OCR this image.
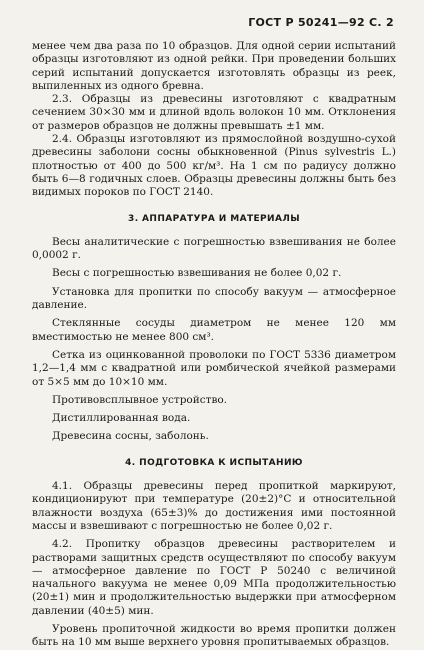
ГОСТ Р 50241—92 С. 2

менее чем два раза по 10 образцов. Для одной серии испытаний образцы изготовляют из одной рейки. При проведении больших серий испытаний допускается изготовлять образцы из реек, выпиленных из одного бревна.

2.3. Образцы из древесины изготовляют с квадратным сечением 30×30 мм и длиной вдоль волокон 10 мм. Отклонения от размеров образцов не должны превышать ±1 мм.

2.4. Образцы изготовляют из прямослойной воздушно-сухой древесины заболони сосны обыкновенной (Pinus sylvestris L.) плотностью от 400 до 500 кг/м³. На 1 см по радиусу должно быть 6—8 годичных слоев. Образцы древесины должны быть без видимых пороков по ГОСТ 2140.

3. АППАРАТУРА И МАТЕРИАЛЫ

Весы аналитические с погрешностью взвешивания не более 0,0002 г.

Весы с погрешностью взвешивания не более 0,02 г.

Установка для пропитки по способу вакуум — атмосферное давление.

Стеклянные сосуды диаметром не менее 120 мм вместимостью не менее 800 см³.

Сетка из оцинкованной проволоки по ГОСТ 5336 диаметром 1,2—1,4 мм с квадратной или ромбической ячейкой размерами от 5×5 мм до 10×10 мм.

Противовсплывное устройство.

Дистиллированная вода.

Древесина сосны, заболонь.

4. ПОДГОТОВКА К ИСПЫТАНИЮ

4.1. Образцы древесины перед пропиткой маркируют, кондиционируют при температуре (20±2)°С и относительной влажности воздуха (65±3)% до достижения ими постоянной массы и взвешивают с погрешностью не более 0,02 г.

4.2. Пропитку образцов древесины растворителем и растворами защитных средств осуществляют по способу вакуум — атмосферное давление по ГОСТ Р 50240 с величиной начального вакуума не менее 0,09 МПа продолжительностью (20±1) мин и продолжительностью выдержки при атмосферном давлении (40±5) мин.

Уровень пропиточной жидкости во время пропитки должен быть на 10 мм выше верхнего уровня пропитываемых образцов.
